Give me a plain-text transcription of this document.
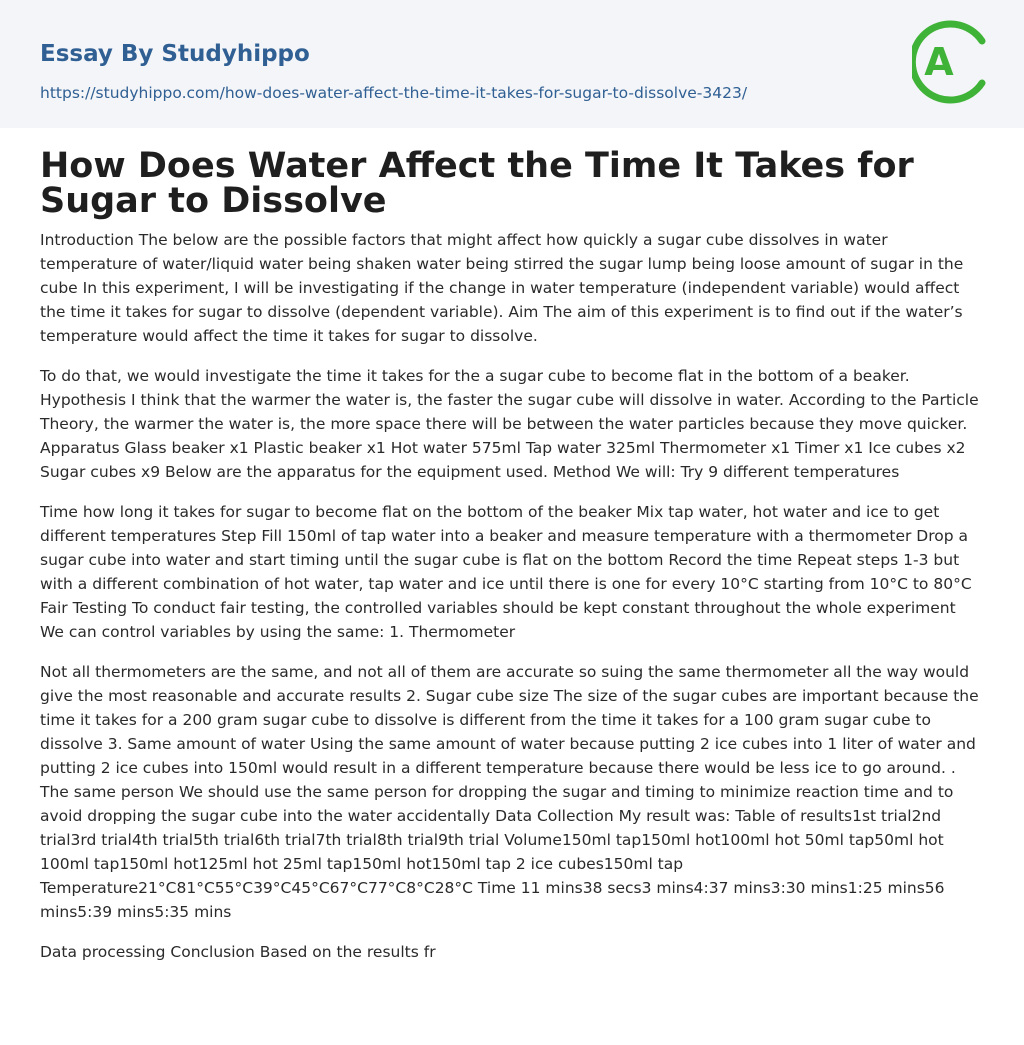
Essay By Studyhippo
https://studyhippo.com/how-does-water-affect-the-time-it-takes-for-sugar-to-dissolve-3423/
A
How Does Water Affect the Time It Takes for Sugar to Dissolve

Introduction The below are the possible factors that might affect how quickly a sugar cube dissolves in water temperature of water/liquid water being shaken water being stirred the sugar lump being loose amount of sugar in the cube In this experiment, I will be investigating if the change in water temperature (independent variable) would affect the time it takes for sugar to dissolve (dependent variable). Aim The aim of this experiment is to find out if the water’s temperature would affect the time it takes for sugar to dissolve.

To do that, we would investigate the time it takes for the a sugar cube to become flat in the bottom of a beaker. Hypothesis I think that the warmer the water is, the faster the sugar cube will dissolve in water. According to the Particle Theory, the warmer the water is, the more space there will be between the water particles because they move quicker. Apparatus Glass beaker x1 Plastic beaker x1 Hot water 575ml Tap water 325ml Thermometer x1 Timer x1 Ice cubes x2 Sugar cubes x9 Below are the apparatus for the equipment used. Method We will: Try 9 different temperatures

Time how long it takes for sugar to become flat on the bottom of the beaker Mix tap water, hot water and ice to get different temperatures Step Fill 150ml of tap water into a beaker and measure temperature with a thermometer Drop a sugar cube into water and start timing until the sugar cube is flat on the bottom Record the time Repeat steps 1-3 but with a different combination of hot water, tap water and ice until there is one for every 10°C starting from 10°C to 80°C Fair Testing To conduct fair testing, the controlled variables should be kept constant throughout the whole experiment We can control variables by using the same: 1. Thermometer

Not all thermometers are the same, and not all of them are accurate so suing the same thermometer all the way would give the most reasonable and accurate results 2. Sugar cube size The size of the sugar cubes are important because the time it takes for a 200 gram sugar cube to dissolve is different from the time it takes for a 100 gram sugar cube to dissolve 3. Same amount of water Using the same amount of water because putting 2 ice cubes into 1 liter of water and putting 2 ice cubes into 150ml would result in a different temperature because there would be less ice to go around. . The same person We should use the same person for dropping the sugar and timing to minimize reaction time and to avoid dropping the sugar cube into the water accidentally Data Collection My result was: Table of results1st trial2nd trial3rd trial4th trial5th trial6th trial7th trial8th trial9th trial Volume150ml tap150ml hot100ml hot 50ml tap50ml hot 100ml tap150ml hot125ml hot 25ml tap150ml hot150ml tap 2 ice cubes150ml tap Temperature21°C81°C55°C39°C45°C67°C77°C8°C28°C Time 11 mins38 secs3 mins4:37 mins3:30 mins1:25 mins56 mins5:39 mins5:35 mins

Data processing Conclusion Based on the results fr
